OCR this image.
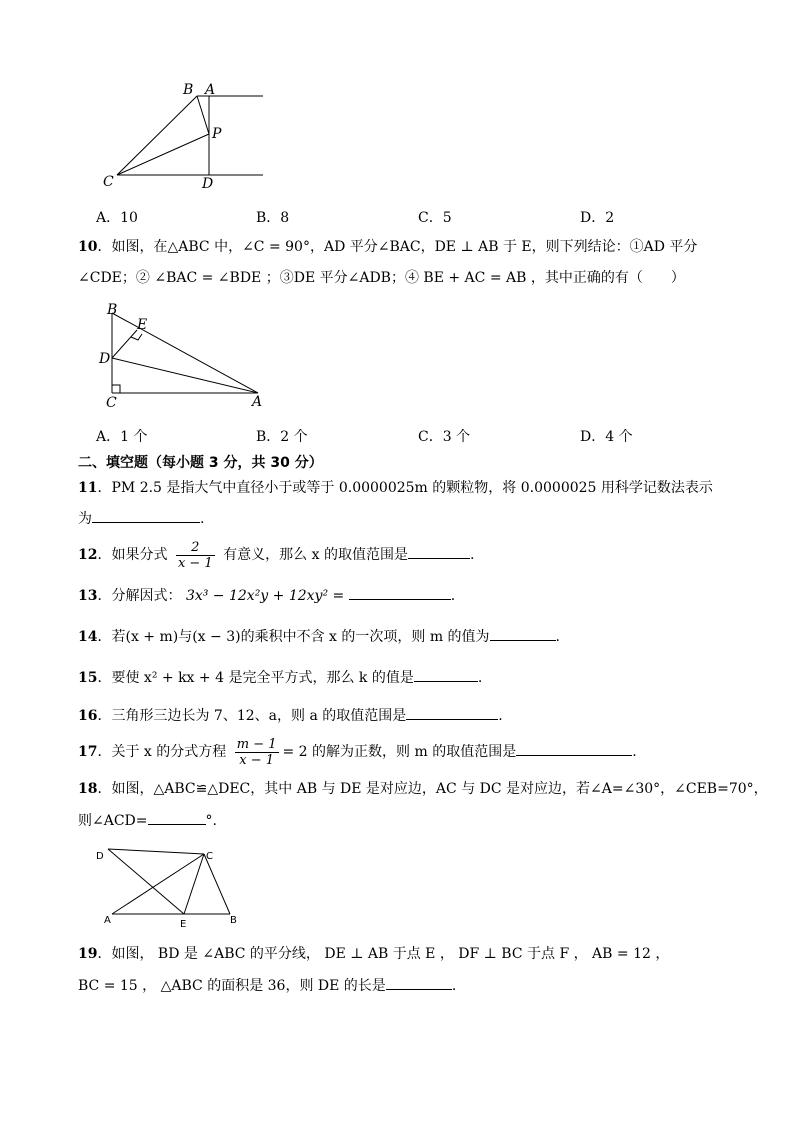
B A
P
C	D
A．10	B．8	C．5	D．2
10．如图，在△ABC 中，∠C = 90°，AD 平分∠BAC，DE ⊥ AB 于 E，则下列结论：①AD 平分
∠CDE；② ∠BAC = ∠BDE ；③DE 平分∠ADB；④ BE + AC = AB ，其中正确的有（　　）
B
E
D
C	A
A．1 个	B．2 个	C．3 个	D．4 个
二、填空题（每小题 3 分，共 30 分）
11．PM 2.5 是指大气中直径小于或等于 0.0000025m 的颗粒物，将 0.0000025 用科学记数法表示
为	.
12．如果分式 $\frac{2}{x - 1}$ 有意义，那么 x 的取值范围是	.
13．分解因式： 3x³ − 12x²y + 12xy² =	.
14．若(x + m)与(x − 3)的乘积中不含 x 的一次项，则 m 的值为	.
15．要使 x² + kx + 4 是完全平方式，那么 k 的值是	.
16．三角形三边长为 7、12、a，则 a 的取值范围是	.
17．关于 x 的分式方程 $\frac{m - 1}{x - 1} = 2$ 的解为正数，则 m 的取值范围是	.
18．如图，△ABC≌△DEC，其中 AB 与 DE 是对应边，AC 与 DC 是对应边，若∠A=∠30°，∠CEB=70°，
则∠ACD=	°.
D	C
A	E	B
19．如图， BD 是 ∠ABC 的平分线， DE ⊥ AB 于点 E ， DF ⊥ BC 于点 F ， AB = 12 ，
BC = 15 ， △ABC 的面积是 36，则 DE 的长是	.
